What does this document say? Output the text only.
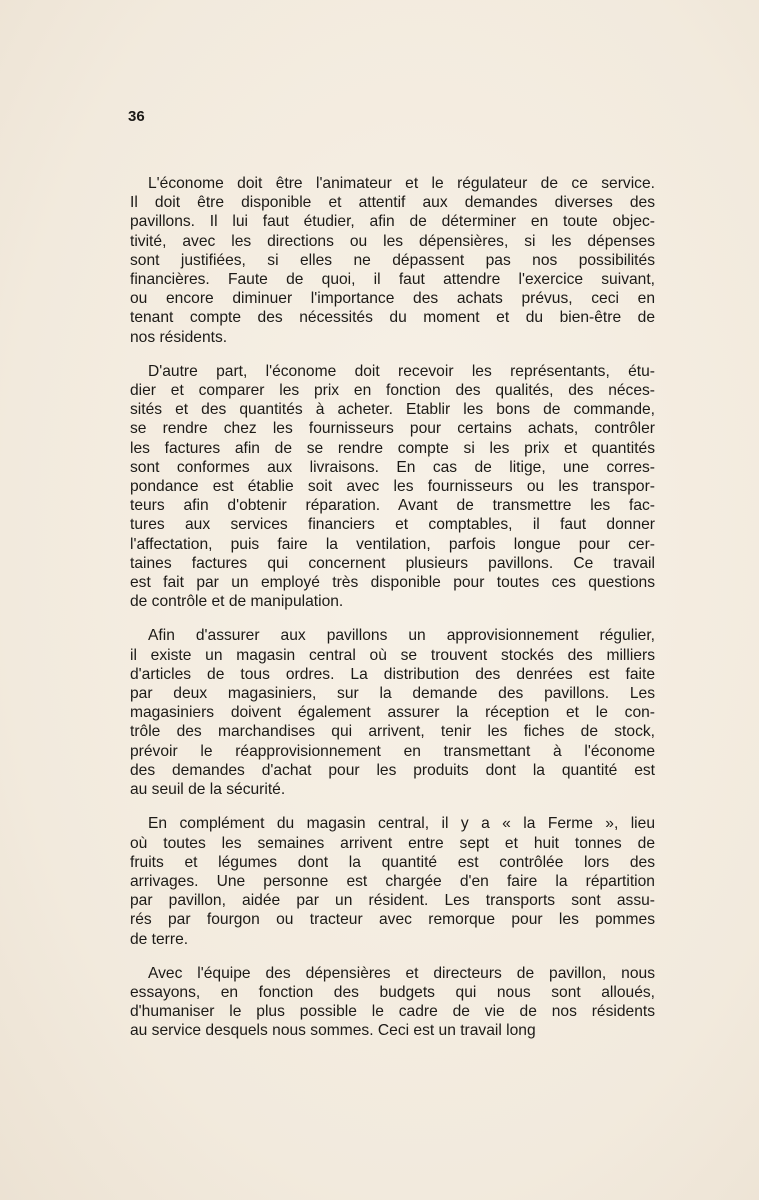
36

L'économe doit être l'animateur et le régulateur de ce service.
Il doit être disponible et attentif aux demandes diverses des
pavillons. Il lui faut étudier, afin de déterminer en toute objec-
tivité, avec les directions ou les dépensières, si les dépenses
sont justifiées, si elles ne dépassent pas nos possibilités
financières. Faute de quoi, il faut attendre l'exercice suivant,
ou encore diminuer l'importance des achats prévus, ceci en
tenant compte des nécessités du moment et du bien-être de
nos résidents.

D'autre part, l'économe doit recevoir les représentants, étu-
dier et comparer les prix en fonction des qualités, des néces-
sités et des quantités à acheter. Etablir les bons de commande,
se rendre chez les fournisseurs pour certains achats, contrôler
les factures afin de se rendre compte si les prix et quantités
sont conformes aux livraisons. En cas de litige, une corres-
pondance est établie soit avec les fournisseurs ou les transpor-
teurs afin d'obtenir réparation. Avant de transmettre les fac-
tures aux services financiers et comptables, il faut donner
l'affectation, puis faire la ventilation, parfois longue pour cer-
taines factures qui concernent plusieurs pavillons. Ce travail
est fait par un employé très disponible pour toutes ces questions
de contrôle et de manipulation.

Afin d'assurer aux pavillons un approvisionnement régulier,
il existe un magasin central où se trouvent stockés des milliers
d'articles de tous ordres. La distribution des denrées est faite
par deux magasiniers, sur la demande des pavillons. Les
magasiniers doivent également assurer la réception et le con-
trôle des marchandises qui arrivent, tenir les fiches de stock,
prévoir le réapprovisionnement en transmettant à l'économe
des demandes d'achat pour les produits dont la quantité est
au seuil de la sécurité.

En complément du magasin central, il y a « la Ferme », lieu
où toutes les semaines arrivent entre sept et huit tonnes de
fruits et légumes dont la quantité est contrôlée lors des
arrivages. Une personne est chargée d'en faire la répartition
par pavillon, aidée par un résident. Les transports sont assu-
rés par fourgon ou tracteur avec remorque pour les pommes
de terre.

Avec l'équipe des dépensières et directeurs de pavillon, nous
essayons, en fonction des budgets qui nous sont alloués,
d'humaniser le plus possible le cadre de vie de nos résidents
au service desquels nous sommes. Ceci est un travail long
